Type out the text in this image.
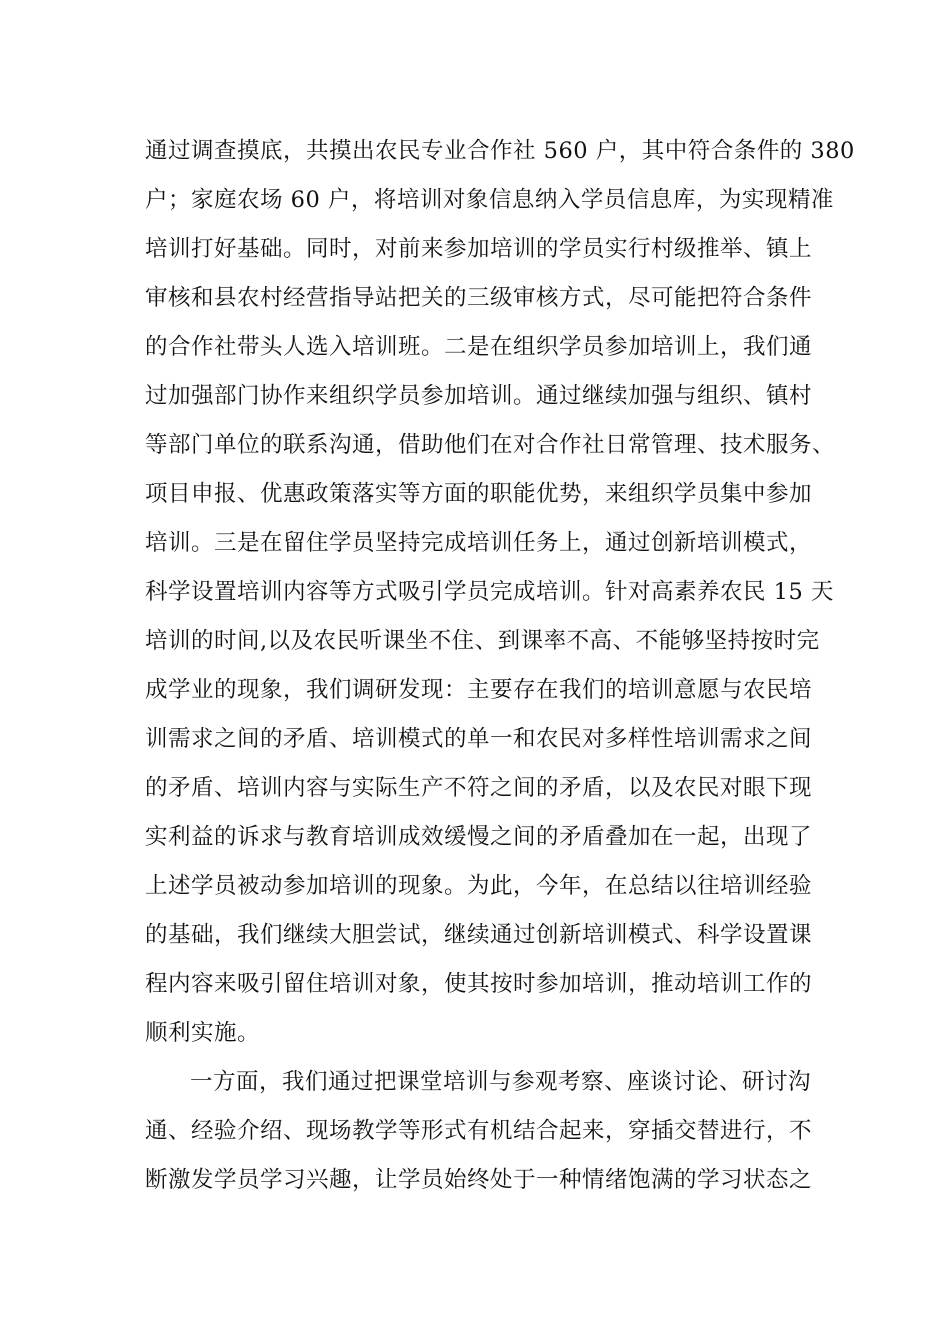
通过调查摸底，共摸出农民专业合作社 560 户，其中符合条件的 380
户；家庭农场 60 户，将培训对象信息纳入学员信息库，为实现精准
培训打好基础。同时，对前来参加培训的学员实行村级推举、镇上
审核和县农村经营指导站把关的三级审核方式，尽可能把符合条件
的合作社带头人选入培训班。二是在组织学员参加培训上，我们通
过加强部门协作来组织学员参加培训。通过继续加强与组织、镇村
等部门单位的联系沟通，借助他们在对合作社日常管理、技术服务、
项目申报、优惠政策落实等方面的职能优势，来组织学员集中参加
培训。三是在留住学员坚持完成培训任务上，通过创新培训模式，
科学设置培训内容等方式吸引学员完成培训。针对高素养农民 15 天
培训的时间,以及农民听课坐不住、到课率不高、不能够坚持按时完
成学业的现象，我们调研发现：主要存在我们的培训意愿与农民培
训需求之间的矛盾、培训模式的单一和农民对多样性培训需求之间
的矛盾、培训内容与实际生产不符之间的矛盾，以及农民对眼下现
实利益的诉求与教育培训成效缓慢之间的矛盾叠加在一起，出现了
上述学员被动参加培训的现象。为此，今年，在总结以往培训经验
的基础，我们继续大胆尝试，继续通过创新培训模式、科学设置课
程内容来吸引留住培训对象，使其按时参加培训，推动培训工作的
顺利实施。
一方面，我们通过把课堂培训与参观考察、座谈讨论、研讨沟
通、经验介绍、现场教学等形式有机结合起来，穿插交替进行，不
断激发学员学习兴趣，让学员始终处于一种情绪饱满的学习状态之
